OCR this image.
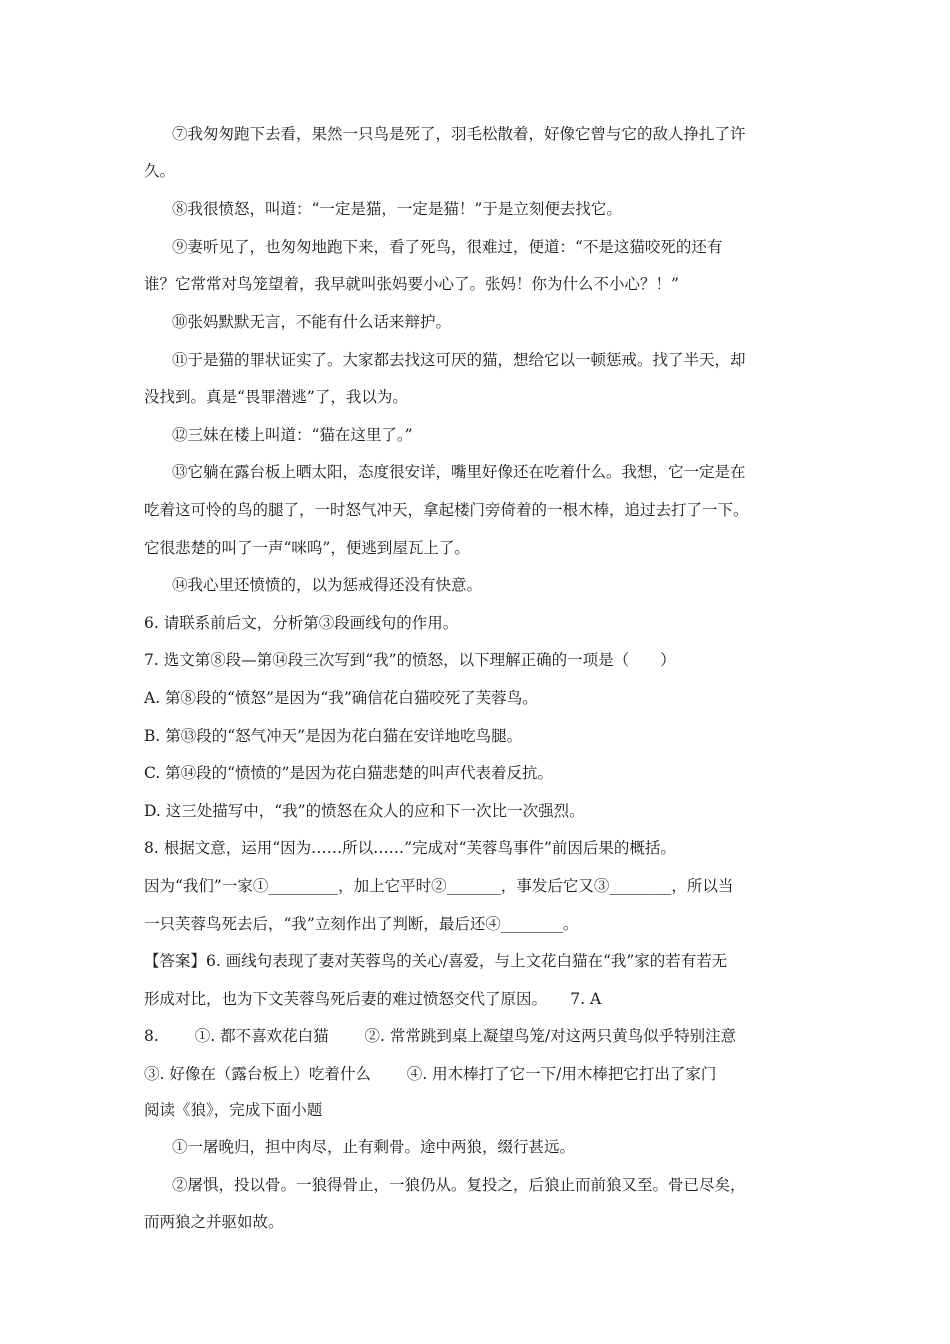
⑦我匆匆跑下去看，果然一只鸟是死了，羽毛松散着，好像它曾与它的敌人挣扎了许
久。
⑧我很愤怒，叫道：“一定是猫，一定是猫！”于是立刻便去找它。
⑨妻听见了，也匆匆地跑下来，看了死鸟，很难过，便道：“不是这猫咬死的还有
谁？它常常对鸟笼望着，我早就叫张妈要小心了。张妈！你为什么不小心？！”
⑩张妈默默无言，不能有什么话来辩护。
⑪于是猫的罪状证实了。大家都去找这可厌的猫，想给它以一顿惩戒。找了半天，却
没找到。真是“畏罪潜逃”了，我以为。
⑫三妹在楼上叫道：“猫在这里了。”
⑬它躺在露台板上晒太阳，态度很安详，嘴里好像还在吃着什么。我想，它一定是在
吃着这可怜的鸟的腿了，一时怒气冲天，拿起楼门旁倚着的一根木棒，追过去打了一下。
它很悲楚的叫了一声“咪呜”，便逃到屋瓦上了。
⑭我心里还愤愤的，以为惩戒得还没有快意。
6. 请联系前后文，分析第③段画线句的作用。
7. 选文第⑧段—第⑭段三次写到“我”的愤怒，以下理解正确的一项是（　　）
A. 第⑧段的“愤怒”是因为“我”确信花白猫咬死了芙蓉鸟。
B. 第⑬段的“怒气冲天”是因为花白猫在安详地吃鸟腿。
C. 第⑭段的“愤愤的”是因为花白猫悲楚的叫声代表着反抗。
D. 这三处描写中，“我”的愤怒在众人的应和下一次比一次强烈。
8. 根据文意，运用“因为……所以……”完成对“芙蓉鸟事件”前因后果的概括。
因为“我们”一家①_________，加上它平时②_______，事发后它又③________，所以当
一只芙蓉鸟死去后，“我”立刻作出了判断，最后还④________。
【答案】6. 画线句表现了妻对芙蓉鸟的关心/喜爱，与上文花白猫在“我”家的若有若无
形成对比，也为下文芙蓉鸟死后妻的难过愤怒交代了原因。　　7. A
8.　　 ①. 都不喜欢花白猫　　 ②. 常常跳到桌上凝望鸟笼/对这两只黄鸟似乎特别注意
③. 好像在（露台板上）吃着什么　　 ④. 用木棒打了它一下/用木棒把它打出了家门
阅读《狼》，完成下面小题
①一屠晚归，担中肉尽，止有剩骨。途中两狼，缀行甚远。
②屠惧，投以骨。一狼得骨止，一狼仍从。复投之，后狼止而前狼又至。骨已尽矣，
而两狼之并驱如故。
